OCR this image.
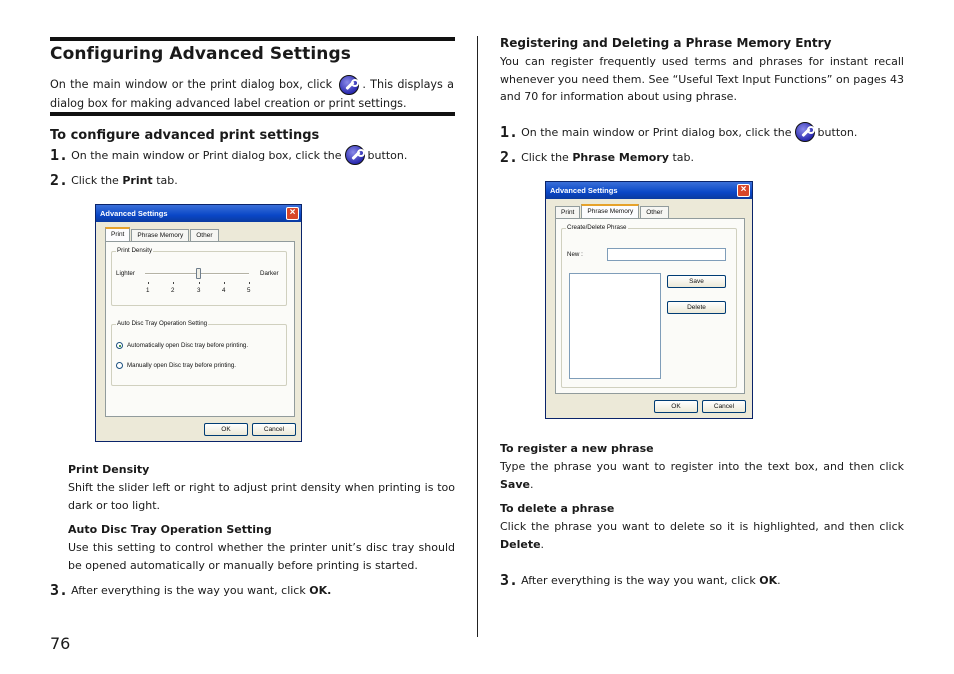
Configuring Advanced Settings
On the main window or the print dialog box, click	. This displays a dialog box for making advanced label creation or print settings.
To configure advanced print settings
1. On the main window or Print dialog box, click the button.
2. Click the
Print
tab.
Advanced Settings	×
Print	Phrase Memory	Other
Print Density
Lighter	Darker
1	2	3	4	5
Auto Disc Tray Operation Setting
Automatically open Disc tray before printing.
Manually open Disc tray before printing.
OK	Cancel
Print Density
Shift the slider left or right to adjust print density when printing is too dark or too light.
Auto Disc Tray Operation Setting
Use this setting to control whether the printer unit’s disc tray should be opened automatically or manually before printing is started.
3. After everything is the way you want, click
OK.
76
Registering and Deleting a Phrase Memory Entry
You can register frequently used terms and phrases for instant recall whenever you need them. See “Useful Text Input Functions” on pages 43 and 70 for information about using phrase.
1. On the main window or Print dialog box, click the button.
2. Click the
Phrase Memory
tab.
Advanced Settings	×
Print	Phrase Memory	Other
Create/Delete Phrase
New :
Save
Delete
OK	Cancel
To register a new phrase
Type the phrase you want to register into the text box, and then click Save.
To delete a phrase
Click the phrase you want to delete so it is highlighted, and then click Delete.
3. After everything is the way you want, click
OK .
